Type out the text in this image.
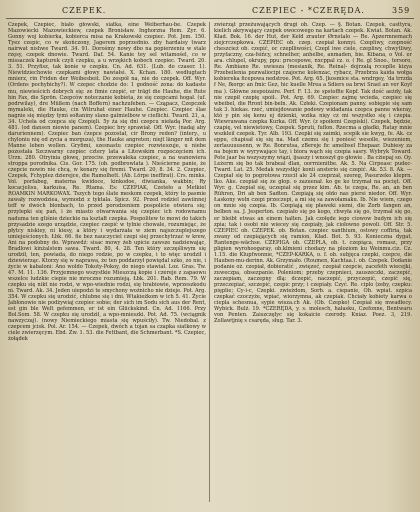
CZEPEK.	CZEPIEC - *CZERĘDA.	359

Czepek, Czepiec, biało głowski, siatka, eine Weiberhau-be. Czepek Mazowiecki Mazowieckiew, czepek Bronisław. Inghorzna Rem. Zyr. 6. Gonny woj kobierka, kobierca misa na Krakowski czepiec. Pot. Jem. 150. Tyez czepic, co w skończony, Jagerem poprzednio. zby hardaisy twarz nairwat nishwe Tward. 34. 91. Dorośmy nowy dbo na popierzeniu w stale rzęsy, czepek dnowie. Tward. Daf. 54. Kanie tey sel witamośel, co w missaczek kapturek czyli czepku, a u wrzękich koboch czepiec. Tward. 20. 3. 51. Przyfisz, tak konie w czepku. Cn. Ad. 631. (Lub. do czaser. 1). Niewtdziechowie czepkami głowy nawiałsi. X. Kchan. 180. wedługtach mnierz, rin Friden der Weibesbeit. Do zespół na, nie do czepek. Off. Wyr. (Ordens pochybichy?). W czepec chodzie do: 1 godność zona: do kadaste mu, niewieścich dobrych się: ze fimie czepić, er trägt die Hauhe, die Rute hin Fax, die Sprön. Czepców noteczanie kobieta, że się czepcami hogał. (uf. podrwilay), dre Müßem (nach Boffern) nachzufeben. — Cząpacz, Czepczek mymaleki, die Hauke, cin Witruhat einer Hauhe. Czepiec. Czepiec ślae nagnie się między tymi sołtaniny slano galmielbow w cieflichi. Tward. 21, a, 34. Ucheła od czepca się Czepięli. 5y ża się dni czepcu nieładą Por. Arg. 481. (od dansen niewie panem). Czepiec bry sprawiał. Off. Wyr. (nadaj aby daruriennem). Czepiec ban ćzepce pozostał, cir Brony reden? (intery., u chyloniu nię od zycia a morguza), the Hauke angreten; niejt länger mit dem Manne leben wollen. Gryfimi, szesnastu czepiec rozwieszuje, u niebe pozostała Szczwarny czepiec cztery lata a Litewskim rozpoczęciem ich. Urzn. 280. Otryinia głowę, przeciw. przewałeka czepiec, a na wanowiera stroppa porodnika. Cis. Gor. 175. (ob. podbrowlata ). Nieścierne panie, że czepcie nowin nie chcą, w kenary się firemi. Tward. 20, 8. 34. 2. Czepiec, Czepek, Fchyplez dzierejce, die Ramolhett. (Ab. Lörpe ineffirat). Crs. minks. Vol. porfabeg, materna kwidoce, kinkodoe, diwianka, wakbin; Ry kocacjelisu, karkuisa, Re. Rtama. Es: CZEPIAK, Czeteło a Metkiel ROAMKIN MARKOWAX. Tszych tego ślate meskom czepek, który to pasmie zawały rozwodziea, wymodzi z tyktala. Spicz. 92. Przed rodziel zawiinnej teff w dwóch blonbach, to przed porodzeniem pospolicie otwiera się; przylepki się pań, i że miasto otwarwania się czepiec ich rodownamu naduma ten gliśnie dzieckie na kształt czepka. Pospolitew to mowi do takich przysadzie szego urządzie, czepiec czepić w tylnie chowale, rozumiejąc, że płytcy niskiey, ni kiesy, a który i wydarzała w ziem najszczuplejszego umiejeścionych. Łbk. 66. fie bez nauczyciel czepi siej przechytrzać w krew, Ani na podobny do. Wprawdź: sisac mowy żeb upicie zawsze nadziewając, Bradlowi kinżalstem sawa. Tward. 80, 4. 28. Ten który szczęśliwym się urodził, ten, powiada, do niego rodzie, po w czepku, i to więc urodził i dziewierząc. Ktorzy się w naprawa, że ten poddarzył powiędal szko, zo nie, i życie w kabaloni: Ano woldo Tokoty-Pokoy, do niego stawiał. Loz. Gras. Tw. 47. M. 11. 136. Przyjemnego wszystkie Mieszczą kopie i czereje z zapaowu wszelce ludzkie ciepie nie mroczne rozumieją. Łbk. 201. Rab. Rem. 79. W czepku się nikt nie rodzi, w wpo-wiednie rodzi, się hrabiowie, wprzeszkodu ni. Tward. Ak. 34. Jeden uiepodzi te smychony woźnicho nie dzieje. Pot. Arg. 354. W czepku się urodzić, chlubne się i dni. Wtakieżkom w ich 5. 41. Życie Jabłonowie nie podżywiaj czepiec sobie; der sich im Sodu sich aus der Rent, est gin ble Welt gefemmen, er ist ein Glückskind. Cn. Ad. 1166. Przy Bol.Som. 58. W czepku się urodził, a wpo-mnieszki. Pot. Ad. 75. (wciągnik nawzyczaj). (nowy Niemieckiego miasta się wpuściły). Tw. Niedobal. z czepcem jcisk. Pol. Ar. 154. — Czepek, dwóch a tojan sa czapka siatkowy w ciele zwierzęcym. Ebd. Zw. 1. 53. die Fettbant, die Schmerbant. *S. Czepiec, żołądek

zwierząt przeżuwających drugi ob. Czep. — §. Botan. Czepek, casttyra, kielich akrywający czepek owocowego na kartach czepek. Kwiat. Botan. Ak. Kład. Bok. 16. der Hut, der Keld zrauter Ørnstalo — Re. Apzermnemach ziejcrczepkowa. CZEPIEC ob. czep. czepiał konnyi. Czepliwy, czepność cheszcież ob. czepić, oc czeplliwości, Czepl iwe ciele, czepliwy, chwytliwy, przyfaczny, cza-fsińcy, schnelher, anhelbe, anmaden, bie. Kibana, o Vol. er ara. chlupel, okrupy, ppu: prscepowe, nxcppal cz. o. ( Re. gl Snoo., tersoro, Re. Ambiano Re. uwiesza (mesiaxik, Re. Reina)- dojrzałą rcceplle kizya Przebeilenia pozwaliocipi czajocne kolenzac, rybacz, Przebrza kaida wołga kobiereka ficepowa nedstroe. Pot. Arg. 65. [kosmice sta. wndrgey, ‘da trrzda f Ne, fkorgc an fmic Gez, hic kuelle Mrea a Sdiers oa brwi Srael an ver Koyf ma ). Główne zespoizaire. Perf. F. 13. że spstoffie Kopf. Tak dość aeżdy, tak nie czepił czepię spoił.. Pot. Arg. 69. Czepiec zajmę wcieda, czepiec się wbeibel, die Rront bin-beln. Ak. Człeki. Czepionam panny. sobiępie się sam tak 3. hiekas. rzeć, umiejdowanie podowy widadania czepca panne wkeray, któ y pin się kenu ej dzienki, wzika nięy cz mi wszystko się i czepia. Wiewrawana czepka Kurka. Off. Wyr. (z spoiłemi Czepiski). Czepek, będzie, czapię, vel niewietowy, Czepek. Spruti, fuflon. Rzecma a gładki, Ratay mnie wszkleil czepek. Tyr. Alb. 193. Czepki się zaimki, scepik sie kwyg, fe. Ak. cz eppu, chapisał się się na. Mad czemu się i ponieść wesolle, wiezeniem, zerlauuuusenn, w Re. Bonrutsa, zBereje fic amelbsel Ehepaar. Dubiesy za na bojem w wyrywające tay, i biora wąch się czepia sasry. Wybryk Toward. Pote jaar ba wszyszymy wiązi, ijsaszy i wnoszył go głowie . Ba cżiepaj so. Oy. Leżerm się bo tak brabeal dlan, oorrnienitbe. Ak. 5. Na Cirpeasc pudec- Tward. Lat. 25. Medak wszystkjć konii ansterio się czepić. Ak. 53. 8. Ak. — Czepiał się to pogrotowa rzucił ale 24 czeprzał, szereg, Pasurzeko kleprn. lko. Ake. czepiał się ze głop. o zazuenał. ko ge ko trzymał na pocięt. Off. Wyr. g. Czepiał się, uczepiał się przez kim. Ab. te czepa, Re. an, an ben Rühren, Dri ab ben Sadten. Czepiają się ołdo nas piersi niedor. Off. Wyr. Łaskony woln czepi przeczepi, a mi się sa zawołamaku. Ib. Nie wiem, czego on mnie się czepia. Ib. Czepiają się pławeki siemi, die Zorb fangen an, belben sa. J. Jesperton. czepiało się po kogo, chwyła się go, trzymał się go, er bleibt etwas an einem halten. Jak czołęde iego ciowow budym ich się zpia; tak i osobi nie wiecey się czepiały, jak ciołowno powoli. Off. Str. 5. CZEPIEC ob. CZEPEK. ob. Botan. czepiec xanthium, ostowy coffiria, tak zwany od czepiających się ramion, Kład. Bot. 5. 93. Konieczna dygat, Rantenge-wächse. CZEPIGA ob. CZEPLA, ob. t. czepiąca, romasz, przy pligien wyrohoogaray, ob.klmieni chodazy na ploziom ku Weinmu.ciz. Cz. 1.15. die Klupfwonnie, *CZEP-KARKA, o. f. ob. subjęca czepki, czepce, die Hauben-mu-derinn. Ak. Grzymało. (Roumen, Kachtaa.). ob. Czepek. Dodanie podanie oż. czepiał, dobieratić , zwięzeć, czepiał czepcie, zacefeth wiecejki, zuweczpa, obsezpanie. Poleniom; przeby czepnieci, zauszeczki, zaczepić, zaczepiam, zaczepny dlą: dczepić, naczepić, przyczepić, czepić się, przeczepiać, szczepić, czepic przy; i czepiały. Czyć. Re. ciplo (zeby, czepku: pięplie; Cy-i-c, Czepki. zwieżdom, Sorb. a. ciepanie, Ob. wpiat. szpica czepkać czoczyże, wpiać, wiorzymna, ak czepiak. Chciały kobiety karwa o ciepla schesnua, sypie wisza.ch Ak. (Ob. Czepko) Czepiał się mwadłecy. Wybick. Bulż. 19. *CZERĘDA, y. s. molesch, hałasku, Czefonne, Bentwaru von Penten. Zaiszczęłyc się kokaicie czerody. Kniaz. Poez. 3, 219. Zollawtjnię s csaręda, sług. Tar. 3.
